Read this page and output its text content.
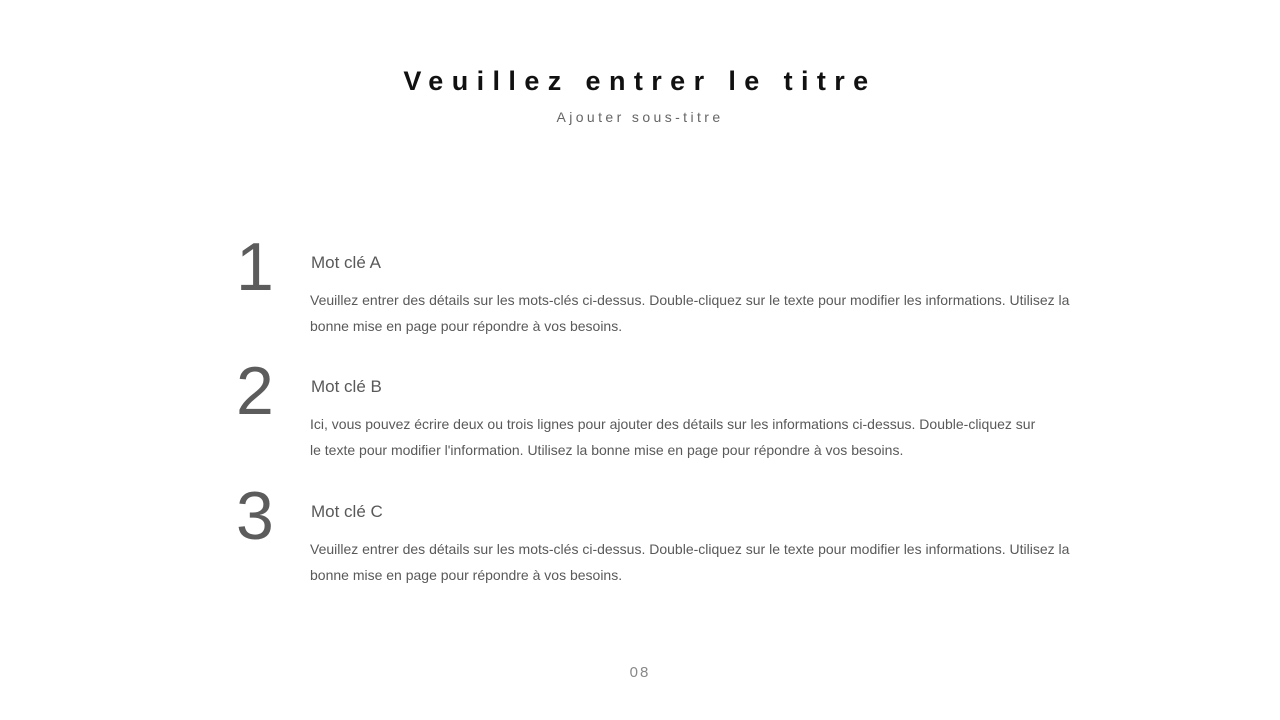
Veuillez entrer le titre
Ajouter sous-titre
1 Mot clé A
Veuillez entrer des détails sur les mots-clés ci-dessus. Double-cliquez sur le texte pour modifier les informations. Utilisez la bonne mise en page pour répondre à vos besoins.
2 Mot clé B
Ici, vous pouvez écrire deux ou trois lignes pour ajouter des détails sur les informations ci-dessus. Double-cliquez sur le texte pour modifier l'information. Utilisez la bonne mise en page pour répondre à vos besoins.
3 Mot clé C
Veuillez entrer des détails sur les mots-clés ci-dessus. Double-cliquez sur le texte pour modifier les informations. Utilisez la bonne mise en page pour répondre à vos besoins.
08
